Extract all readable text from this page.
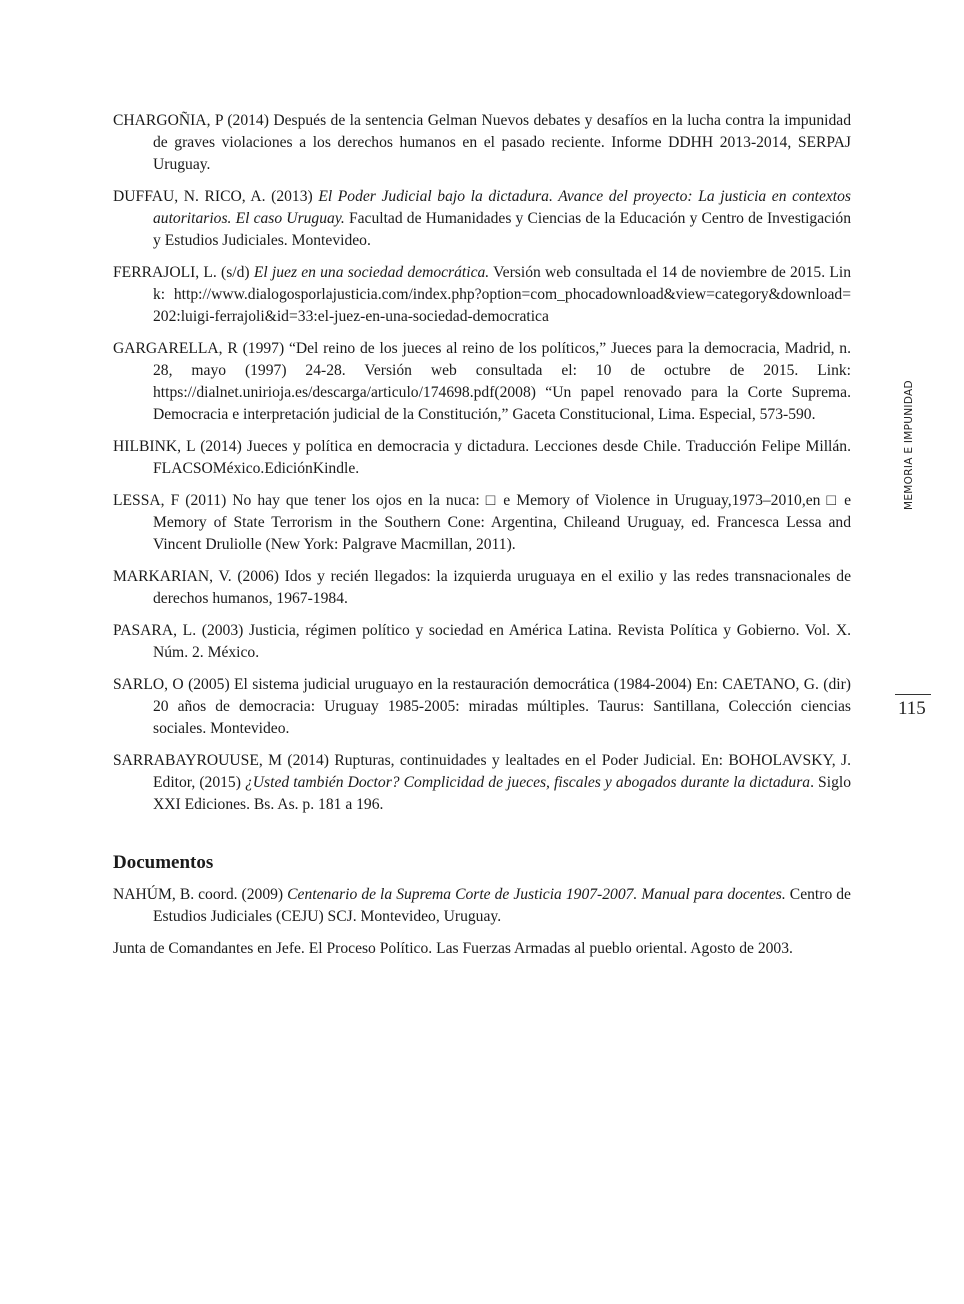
CHARGOÑIA, P (2014) Después de la sentencia Gelman Nuevos debates y desafíos en la lucha contra la impunidad de graves violaciones a los derechos humanos en el pasado reciente. Informe DDHH 2013-2014, SERPAJ Uruguay.

DUFFAU, N. RICO, A. (2013) El Poder Judicial bajo la dictadura. Avance del proyecto: La justicia en contextos autoritarios. El caso Uruguay. Facultad de Humanidades y Ciencias de la Educación y Centro de Investigación y Estudios Judiciales. Montevideo.

FERRAJOLI, L. (s/d) El juez en una sociedad democrática. Versión web consultada el 14 de noviembre de 2015. Link: http://www.dialogosporlajusticia.com/index.php?option=com_phocadownload&view=category&download=202:luigi-ferrajoli&id=33:el-juez-en-una-sociedad-democratica

GARGARELLA, R (1997) “Del reino de los jueces al reino de los políticos,” Jueces para la democracia, Madrid, n. 28, mayo (1997) 24-28. Versión web consultada el: 10 de octubre de 2015. Link: https://dialnet.unirioja.es/descarga/articulo/174698.pdf(2008) “Un papel renovado para la Corte Suprema. Democracia e interpretación judicial de la Constitución,” Gaceta Constitucional, Lima. Especial, 573-590.

HILBINK, L (2014) Jueces y política en democracia y dictadura. Lecciones desde Chile. Traducción Felipe Millán. FLACSOMéxico.EdiciónKindle.

LESSA, F (2011) No hay que tener los ojos en la nuca: □ e Memory of Violence in Uruguay,1973–2010,en □ e Memory of State Terrorism in the Southern Cone: Argentina, Chileand Uruguay, ed. Francesca Lessa and Vincent Druliolle (New York: Palgrave Macmillan, 2011).

MARKARIAN, V. (2006) Idos y recién llegados: la izquierda uruguaya en el exilio y las redes transnacionales de derechos humanos, 1967-1984.

PASARA, L. (2003) Justicia, régimen político y sociedad en América Latina. Revista Política y Gobierno. Vol. X. Núm. 2. México.

SARLO, O (2005) El sistema judicial uruguayo en la restauración democrática (1984-2004) En: CAETANO, G. (dir) 20 años de democracia: Uruguay 1985-2005: miradas múltiples. Taurus: Santillana, Colección ciencias sociales. Montevideo.

SARRABAYROUUSE, M (2014) Rupturas, continuidades y lealtades en el Poder Judicial. En: BOHOLAVSKY, J. Editor, (2015) ¿Usted también Doctor? Complicidad de jueces, fiscales y abogados durante la dictadura. Siglo XXI Ediciones. Bs. As. p. 181 a 196.

Documentos

NAHÚM, B. coord. (2009) Centenario de la Suprema Corte de Justicia 1907-2007. Manual para docentes. Centro de Estudios Judiciales (CEJU) SCJ. Montevideo, Uruguay.

Junta de Comandantes en Jefe. El Proceso Político. Las Fuerzas Armadas al pueblo oriental. Agosto de 2003.

MEMORIA E IMPUNIDAD
115
